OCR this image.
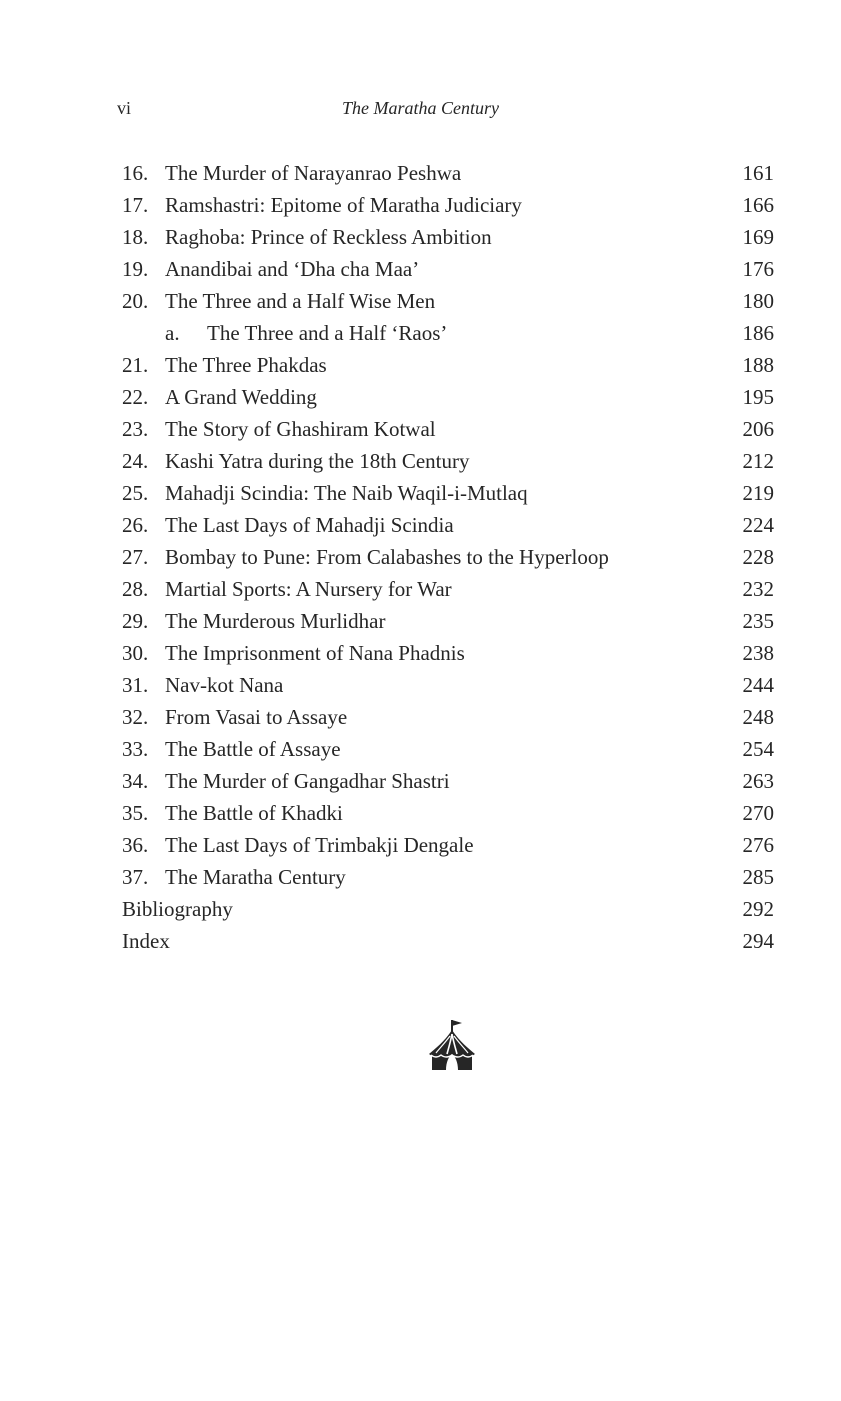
vi	The Maratha Century
16. The Murder of Narayanrao Peshwa	161
17. Ramshastri: Epitome of Maratha Judiciary	166
18. Raghoba: Prince of Reckless Ambition	169
19. Anandibai and ‘Dha cha Maa’	176
20. The Three and a Half Wise Men	180
a. The Three and a Half ‘Raos’	186
21. The Three Phakdas	188
22. A Grand Wedding	195
23. The Story of Ghashiram Kotwal	206
24. Kashi Yatra during the 18th Century	212
25. Mahadji Scindia: The Naib Waqil-i-Mutlaq	219
26. The Last Days of Mahadji Scindia	224
27. Bombay to Pune: From Calabashes to the Hyperloop	228
28. Martial Sports: A Nursery for War	232
29. The Murderous Murlidhar	235
30. The Imprisonment of Nana Phadnis	238
31. Nav-kot Nana	244
32. From Vasai to Assaye	248
33. The Battle of Assaye	254
34. The Murder of Gangadhar Shastri	263
35. The Battle of Khadki	270
36. The Last Days of Trimbakji Dengale	276
37. The Maratha Century	285
Bibliography	292
Index	294
